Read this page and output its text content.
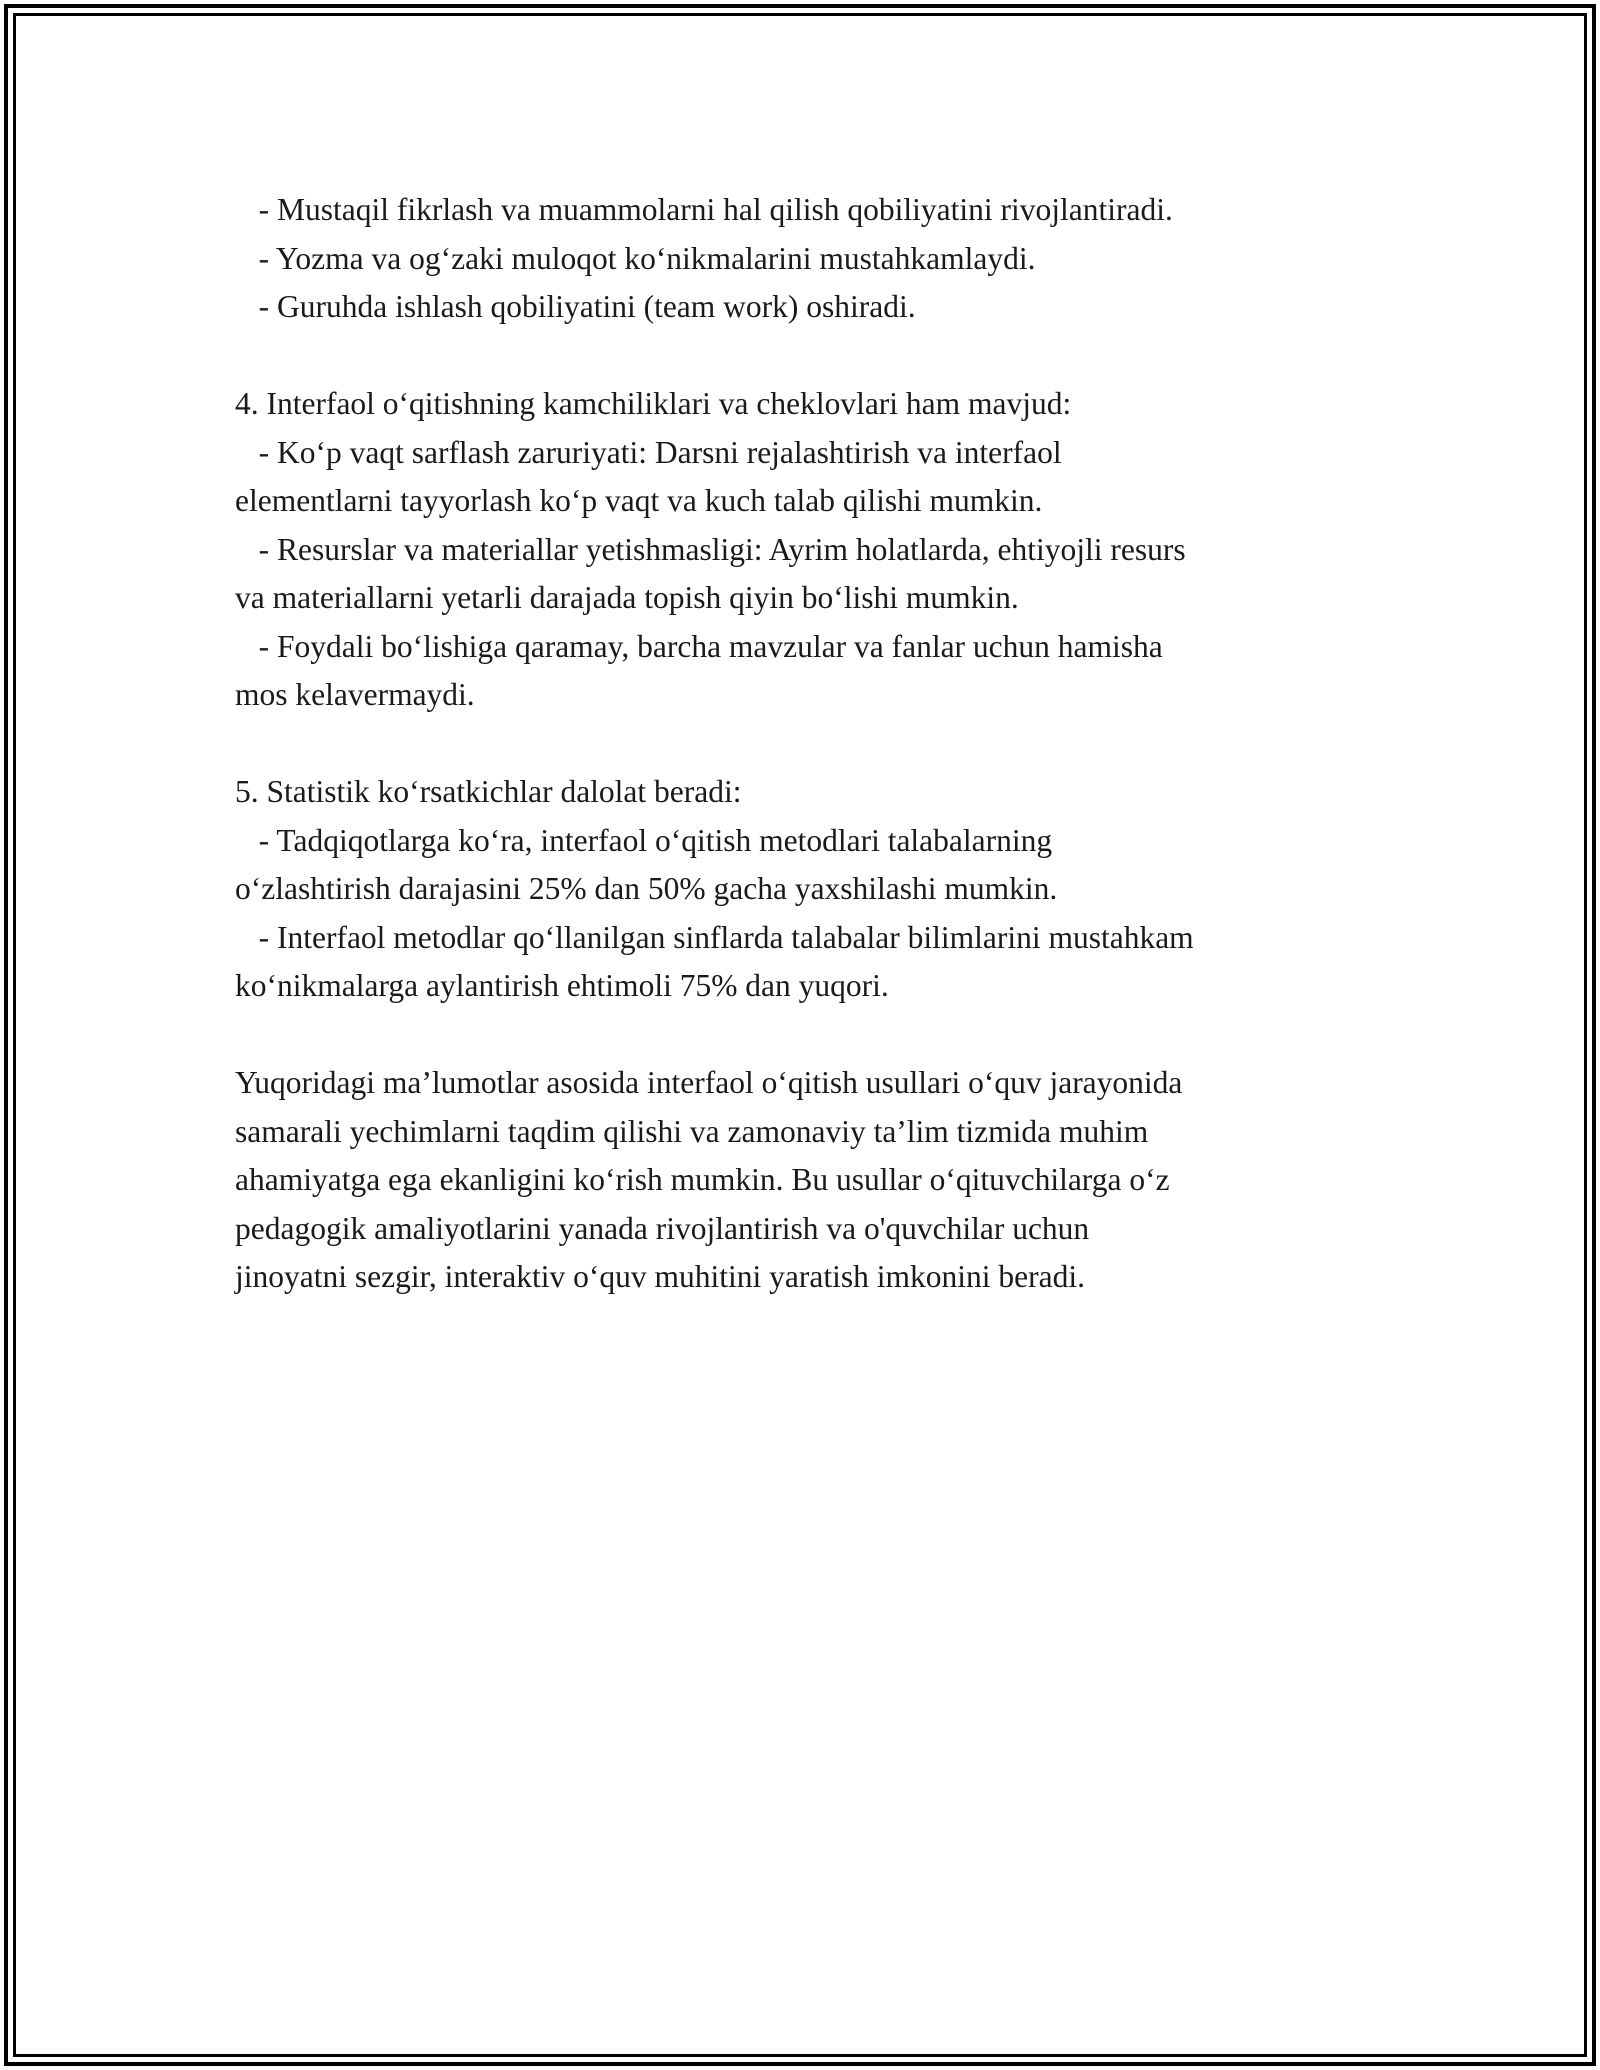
- Mustaqil fikrlash va muammolarni hal qilish qobiliyatini rivojlantiradi.
- Yozma va og‘zaki muloqot ko‘nikmalarini mustahkamlaydi.
- Guruhda ishlash qobiliyatini (team work) oshiradi.
4. Interfaol o‘qitishning kamchiliklari va cheklovlari ham mavjud:
- Ko‘p vaqt sarflash zaruriyati: Darsni rejalashtirish va interfaol
elementlarni tayyorlash ko‘p vaqt va kuch talab qilishi mumkin.
- Resurslar va materiallar yetishmasligi: Ayrim holatlarda, ehtiyojli resurs
va materiallarni yetarli darajada topish qiyin bo‘lishi mumkin.
- Foydali bo‘lishiga qaramay, barcha mavzular va fanlar uchun hamisha
mos kelavermaydi.
5. Statistik ko‘rsatkichlar dalolat beradi:
- Tadqiqotlarga ko‘ra, interfaol o‘qitish metodlari talabalarning
o‘zlashtirish darajasini 25% dan 50% gacha yaxshilashi mumkin.
- Interfaol metodlar qo‘llanilgan sinflarda talabalar bilimlarini mustahkam
ko‘nikmalarga aylantirish ehtimoli 75% dan yuqori.
Yuqoridagi ma’lumotlar asosida interfaol o‘qitish usullari o‘quv jarayonida
samarali yechimlarni taqdim qilishi va zamonaviy ta’lim tizmida muhim
ahamiyatga ega ekanligini ko‘rish mumkin. Bu usullar o‘qituvchilarga o‘z
pedagogik amaliyotlarini yanada rivojlantirish va o'quvchilar uchun
jinoyatni sezgir, interaktiv o‘quv muhitini yaratish imkonini beradi.
